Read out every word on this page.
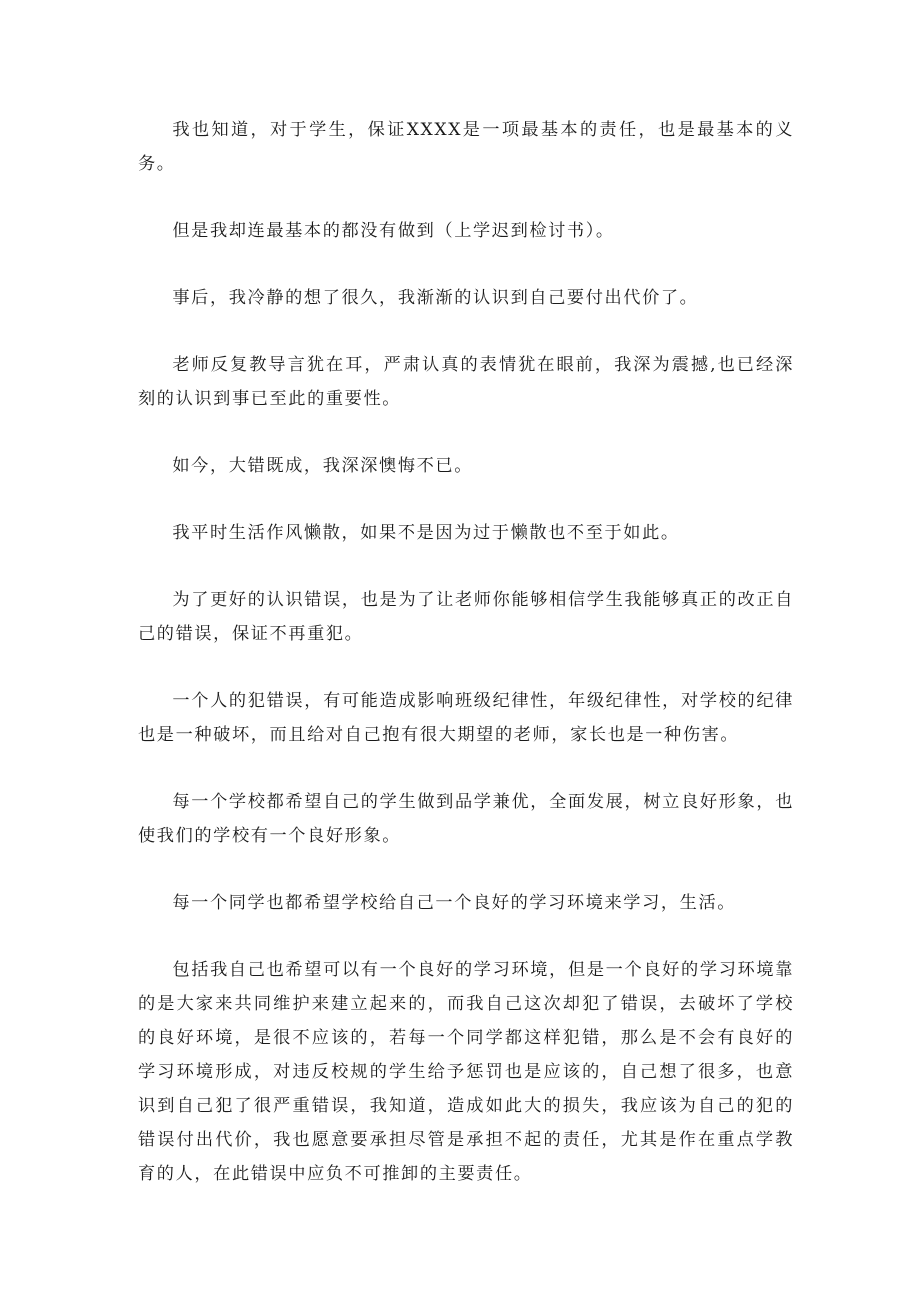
我也知道，对于学生，保证XXXX是一项最基本的责任，也是最基本的义务。

但是我却连最基本的都没有做到（上学迟到检讨书）。

事后，我冷静的想了很久，我渐渐的认识到自己要付出代价了。

老师反复教导言犹在耳，严肃认真的表情犹在眼前，我深为震撼,也已经深刻的认识到事已至此的重要性。

如今，大错既成，我深深懊悔不已。

我平时生活作风懒散，如果不是因为过于懒散也不至于如此。

为了更好的认识错误，也是为了让老师你能够相信学生我能够真正的改正自己的错误，保证不再重犯。

一个人的犯错误，有可能造成影响班级纪律性，年级纪律性，对学校的纪律也是一种破坏，而且给对自己抱有很大期望的老师，家长也是一种伤害。

每一个学校都希望自己的学生做到品学兼优，全面发展，树立良好形象，也使我们的学校有一个良好形象。

每一个同学也都希望学校给自己一个良好的学习环境来学习，生活。

包括我自己也希望可以有一个良好的学习环境，但是一个良好的学习环境靠的是大家来共同维护来建立起来的，而我自己这次却犯了错误，去破坏了学校的良好环境，是很不应该的，若每一个同学都这样犯错，那么是不会有良好的学习环境形成，对违反校规的学生给予惩罚也是应该的，自己想了很多，也意识到自己犯了很严重错误，我知道，造成如此大的损失，我应该为自己的犯的错误付出代价，我也愿意要承担尽管是承担不起的责任，尤其是作在重点学教育的人，在此错误中应负不可推卸的主要责任。
